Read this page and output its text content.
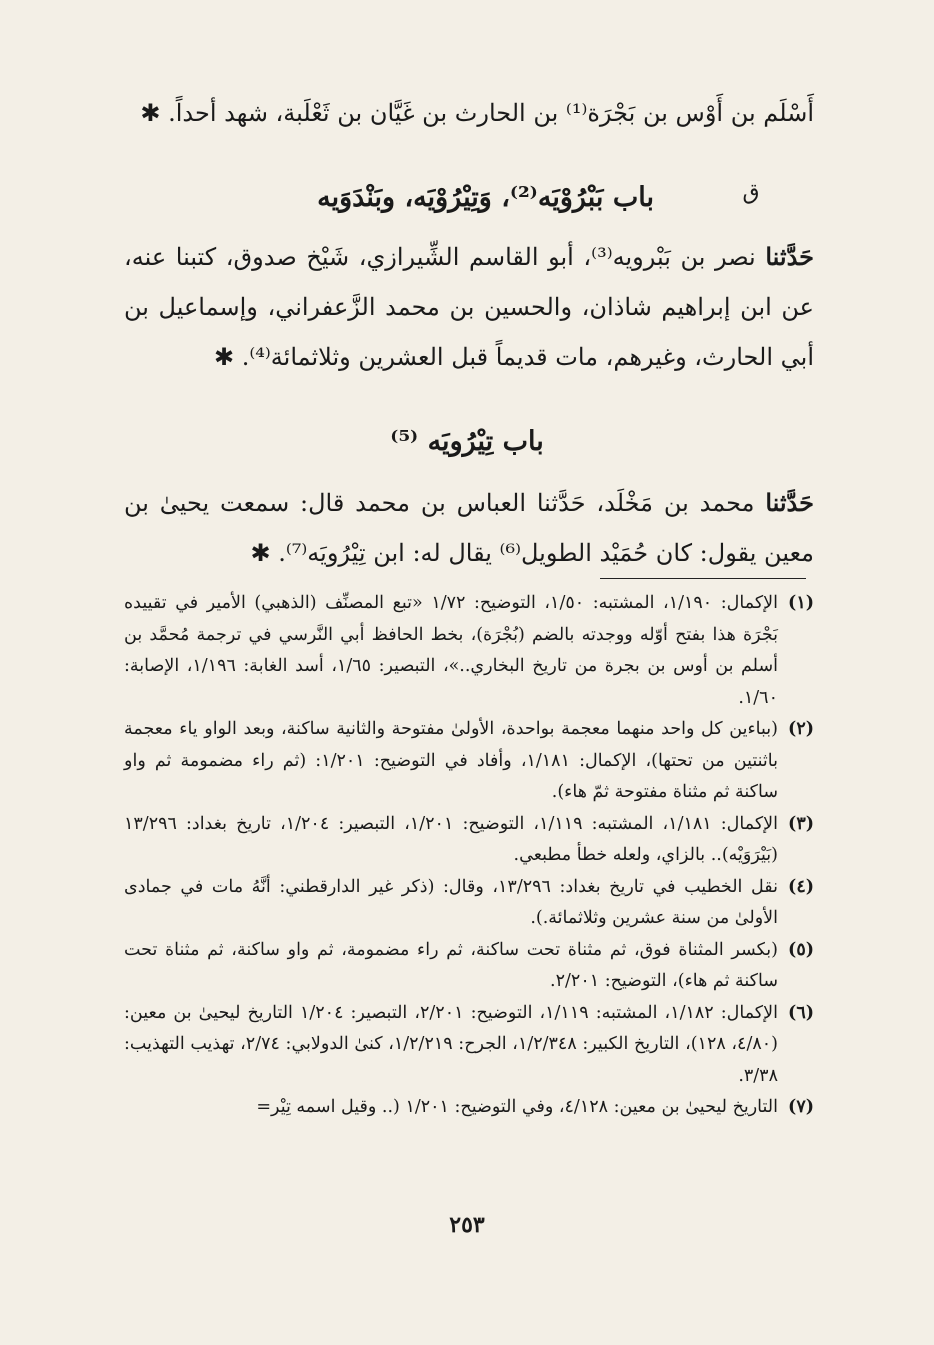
أَسْلَم بن أَوْس بن بَجْرَة⁽¹⁾ بن الحارث بن غَيَّان بن ثَعْلَبة، شهد أحداً. ✱
ق
باب بَبْرُوْيَه⁽²⁾، وَتِيْرُوْيَه، وبَنْدَوَيه
حَدَّثنا نصر بن بَبْرويه⁽³⁾، أبو القاسم الشِّيرازي، شَيْخ صدوق، كتبنا عنه، عن ابن إبراهيم شاذان، والحسين بن محمد الزَّعفراني، وإسماعيل بن أبي الحارث، وغيرهم، مات قديماً قبل العشرين وثلاثمائة⁽⁴⁾. ✱
باب تِيْرُويَه ⁽⁵⁾
حَدَّثنا محمد بن مَخْلَد، حَدَّثنا العباس بن محمد قال: سمعت يحيىٰ بن معين يقول: كان حُمَيْد الطويل⁽⁶⁾ يقال له: ابن تِيْرُويَه⁽⁷⁾. ✱
(١)
الإكمال: ١/١٩٠، المشتبه: ١/٥٠، التوضيح: ١/٧٢ «تبع المصنِّف (الذهبي) الأمير في تقييده بَجْرَة هذا بفتح أوّله ووجدته بالضم (بُجْرَة)، بخط الحافظ أبي النَّرسي في ترجمة مُحمَّد بن أسلم بن أوس بن بجرة من تاريخ البخاري..»، التبصير: ١/٦٥، أسد الغابة: ١/١٩٦، الإصابة: ١/٦٠.
(٢)
(بباءين كل واحد منهما معجمة بواحدة، الأولىٰ مفتوحة والثانية ساكنة، وبعد الواو ياء معجمة باثنتين من تحتها)، الإكمال: ١/١٨١، وأفاد في التوضيح: ١/٢٠١: (ثم راء مضمومة ثم واو ساكنة ثم مثناة مفتوحة ثمّ هاء).
(٣)
الإكمال: ١/١٨١، المشتبه: ١/١١٩، التوضيح: ١/٢٠١، التبصير: ١/٢٠٤، تاريخ بغداد: ١٣/٢٩٦ (بَيْرَوَيْه).. بالزاي، ولعله خطأ مطبعي.
(٤)
نقل الخطيب في تاريخ بغداد: ١٣/٢٩٦، وقال: (ذكر غير الدارقطني: أنَّهُ مات في جمادى الأولىٰ من سنة عشرين وثلاثمائة.).
(٥)
(بكسر المثناة فوق، ثم مثناة تحت ساكنة، ثم راء مضمومة، ثم واو ساكنة، ثم مثناة تحت ساكنة ثم هاء)، التوضيح: ٢/٢٠١.
(٦)
الإكمال: ١/١٨٢، المشتبه: ١/١١٩، التوضيح: ٢/٢٠١، التبصير: ١/٢٠٤ التاريخ ليحيىٰ بن معين: (٤/٨٠، ١٢٨)، التاريخ الكبير: ١/٢/٣٤٨، الجرح: ١/٢/٢١٩، كنىٰ الدولابي: ٢/٧٤، تهذيب التهذيب: ٣/٣٨.
(٧)
التاريخ ليحيىٰ بن معين: ٤/١٢٨، وفي التوضيح: ١/٢٠١ (.. وقيل اسمه تِيْر=
٢٥٣
